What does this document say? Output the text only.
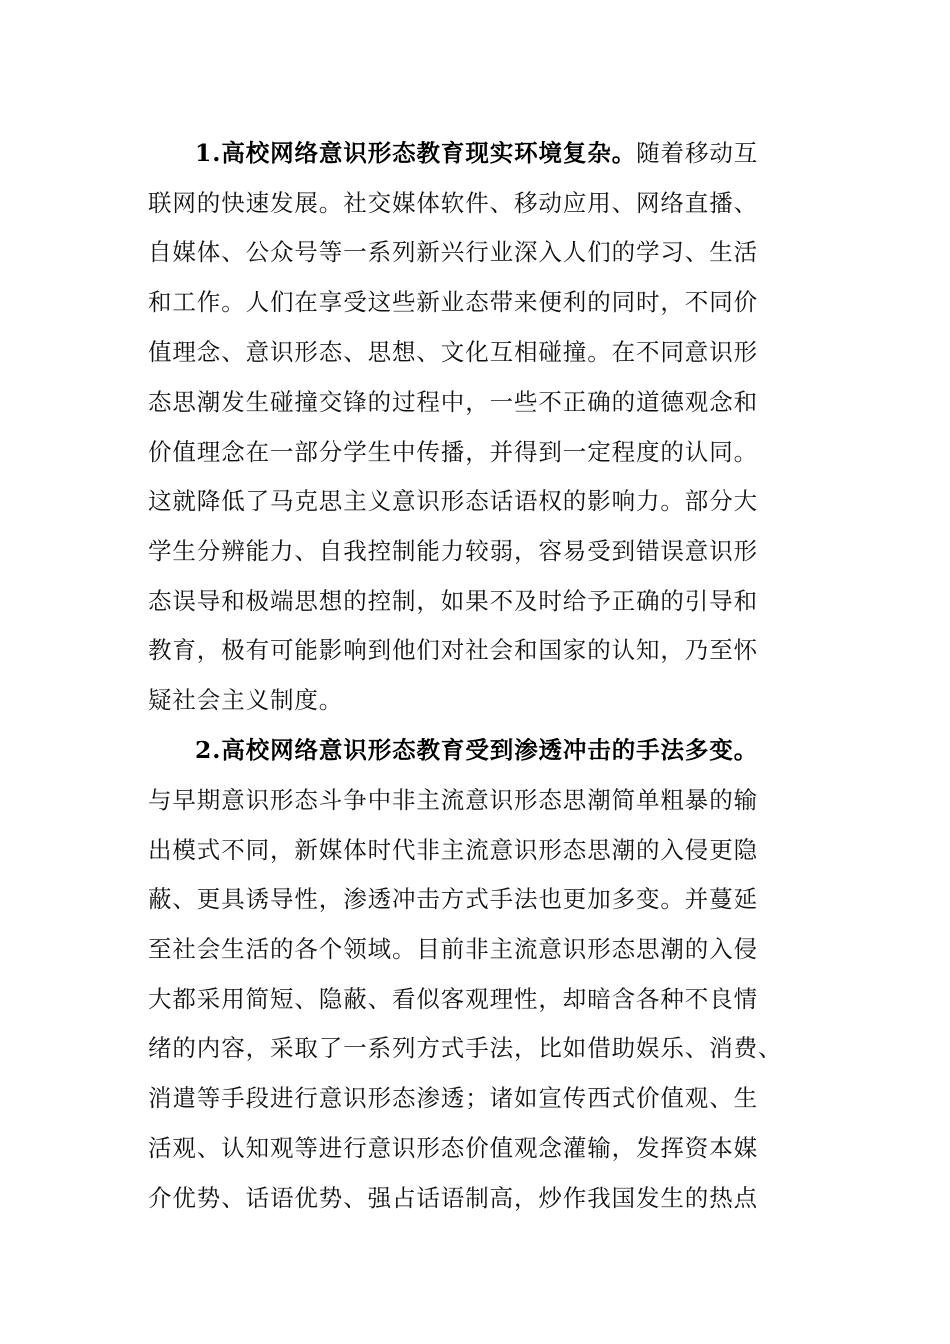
1.高校网络意识形态教育现实环境复杂。随着移动互
联网的快速发展。社交媒体软件、移动应用、网络直播、
自媒体、公众号等一系列新兴行业深入人们的学习、生活
和工作。人们在享受这些新业态带来便利的同时，不同价
值理念、意识形态、思想、文化互相碰撞。在不同意识形
态思潮发生碰撞交锋的过程中，一些不正确的道德观念和
价值理念在一部分学生中传播，并得到一定程度的认同。
这就降低了马克思主义意识形态话语权的影响力。部分大
学生分辨能力、自我控制能力较弱，容易受到错误意识形
态误导和极端思想的控制，如果不及时给予正确的引导和
教育，极有可能影响到他们对社会和国家的认知，乃至怀
疑社会主义制度。
2.高校网络意识形态教育受到渗透冲击的手法多变。
与早期意识形态斗争中非主流意识形态思潮简单粗暴的输
出模式不同，新媒体时代非主流意识形态思潮的入侵更隐
蔽、更具诱导性，渗透冲击方式手法也更加多变。并蔓延
至社会生活的各个领域。目前非主流意识形态思潮的入侵
大都采用简短、隐蔽、看似客观理性，却暗含各种不良情
绪的内容，采取了一系列方式手法，比如借助娱乐、消费、
消遣等手段进行意识形态渗透；诸如宣传西式价值观、生
活观、认知观等进行意识形态价值观念灌输，发挥资本媒
介优势、话语优势、强占话语制高，炒作我国发生的热点
